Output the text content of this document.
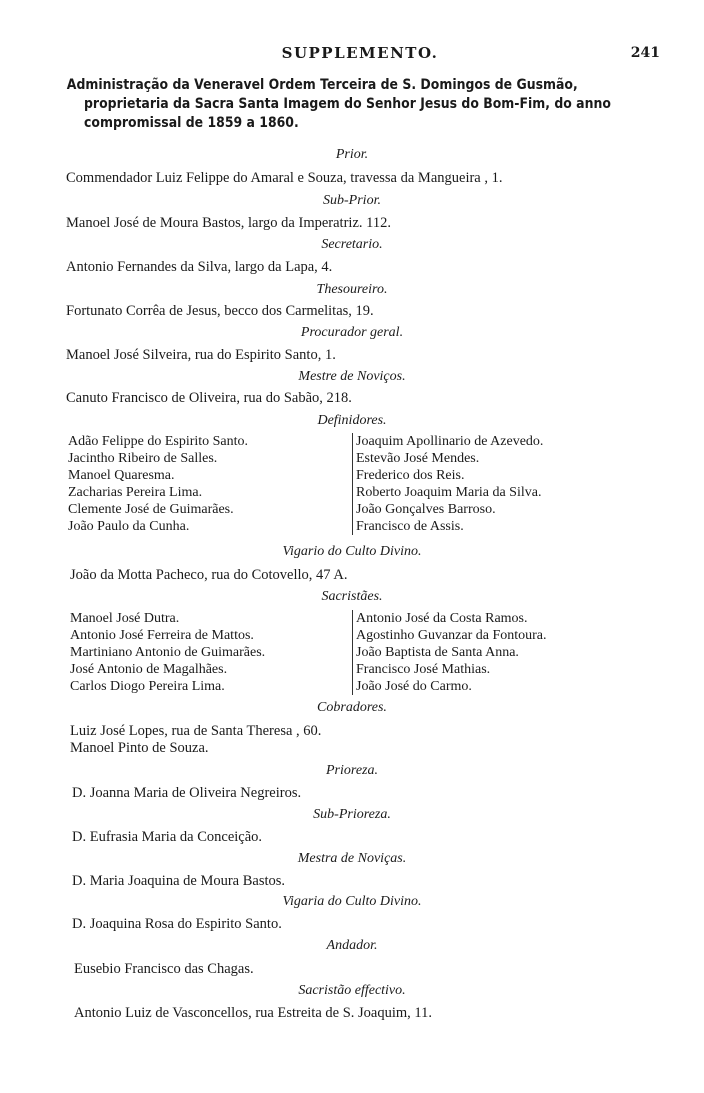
SUPPLEMENTO.	241
Administração da Veneravel Ordem Terceira de S. Domingos de Gusmão,
proprietaria da Sacra Santa Imagem do Senhor Jesus do Bom-Fim, do anno
compromissal de 1859 a 1860.
Prior.
Commendador Luiz Felippe do Amaral e Souza, travessa da Mangueira , 1.
Sub-Prior.
Manoel José de Moura Bastos, largo da Imperatriz. 112.
Secretario.
Antonio Fernandes da Silva, largo da Lapa, 4.
Thesoureiro.
Fortunato Corrêa de Jesus, becco dos Carmelitas, 19.
Procurador geral.
Manoel José Silveira, rua do Espirito Santo, 1.
Mestre de Noviços.
Canuto Francisco de Oliveira, rua do Sabão, 218.
Definidores.
Adão Felippe do Espirito Santo.
Jacintho Ribeiro de Salles.
Manoel Quaresma.
Zacharias Pereira Lima.
Clemente José de Guimarães.
João Paulo da Cunha.
Joaquim Apollinario de Azevedo.
Estevão José Mendes.
Frederico dos Reis.
Roberto Joaquim Maria da Silva.
João Gonçalves Barroso.
Francisco de Assis.
Vigario do Culto Divino.
João da Motta Pacheco, rua do Cotovello, 47 A.
Sacristães.
Manoel José Dutra.
Antonio José Ferreira de Mattos.
Martiniano Antonio de Guimarães.
José Antonio de Magalhães.
Carlos Diogo Pereira Lima.
Antonio José da Costa Ramos.
Agostinho Guvanzar da Fontoura.
João Baptista de Santa Anna.
Francisco José Mathias.
João José do Carmo.
Cobradores.
Luiz José Lopes, rua de Santa Theresa , 60.
Manoel Pinto de Souza.
Prioreza.
D. Joanna Maria de Oliveira Negreiros.
Sub-Prioreza.
D. Eufrasia Maria da Conceição.
Mestra de Noviças.
D. Maria Joaquina de Moura Bastos.
Vigaria do Culto Divino.
D. Joaquina Rosa do Espirito Santo.
Andador.
Eusebio Francisco das Chagas.
Sacristão effectivo.
Antonio Luiz de Vasconcellos, rua Estreita de S. Joaquim, 11.
